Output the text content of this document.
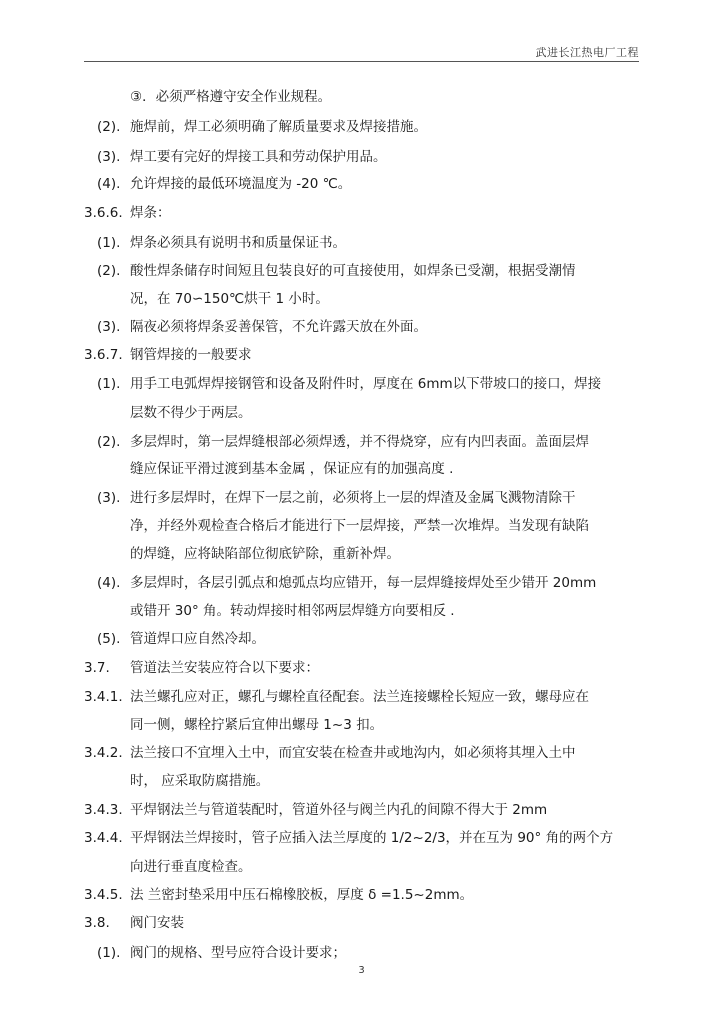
武进长江热电厂工程
③．必须严格遵守安全作业规程。
(2). 施焊前，焊工必须明确了解质量要求及焊接措施。
(3). 焊工要有完好的焊接工具和劳动保护用品。
(4). 允许焊接的最低环境温度为 -20 ℃。
3.6.6. 焊条：
(1). 焊条必须具有说明书和质量保证书。
(2). 酸性焊条储存时间短且包装良好的可直接使用，如焊条已受潮，根据受潮情
况，在 70∽150℃烘干 1 小时。
(3). 隔夜必须将焊条妥善保管，不允许露天放在外面。
3.6.7. 钢管焊接的一般要求
(1). 用手工电弧焊焊接钢管和设备及附件时，厚度在 6mm以下带坡口的接口，焊接
层数不得少于两层。
(2). 多层焊时，第一层焊缝根部必须焊透，并不得烧穿，应有内凹表面。盖面层焊
缝应保证平滑过渡到基本金属 ，保证应有的加强高度 .
(3). 进行多层焊时，在焊下一层之前，必须将上一层的焊渣及金属飞溅物清除干
净，并经外观检查合格后才能进行下一层焊接，严禁一次堆焊。当发现有缺陷
的焊缝，应将缺陷部位彻底铲除，重新补焊。
(4). 多层焊时，各层引弧点和熄弧点均应错开，每一层焊缝接焊处至少错开 20mm
或错开 30° 角。转动焊接时相邻两层焊缝方向要相反 .
(5). 管道焊口应自然冷却。
3.7. 管道法兰安装应符合以下要求：
3.4.1. 法兰螺孔应对正，螺孔与螺栓直径配套。法兰连接螺栓长短应一致，螺母应在
同一侧，螺栓拧紧后宜伸出螺母 1~3 扣。
3.4.2. 法兰接口不宜埋入土中，而宜安装在检查井或地沟内，如必须将其埋入土中
时， 应采取防腐措施。
3.4.3. 平焊钢法兰与管道装配时，管道外径与阀兰内孔的间隙不得大于 2mm
3.4.4. 平焊钢法兰焊接时，管子应插入法兰厚度的 1/2~2/3，并在互为 90° 角的两个方
向进行垂直度检查。
3.4.5. 法 兰密封垫采用中压石棉橡胶板，厚度 δ =1.5~2mm。
3.8. 阀门安装
(1). 阀门的规格、型号应符合设计要求；
3
